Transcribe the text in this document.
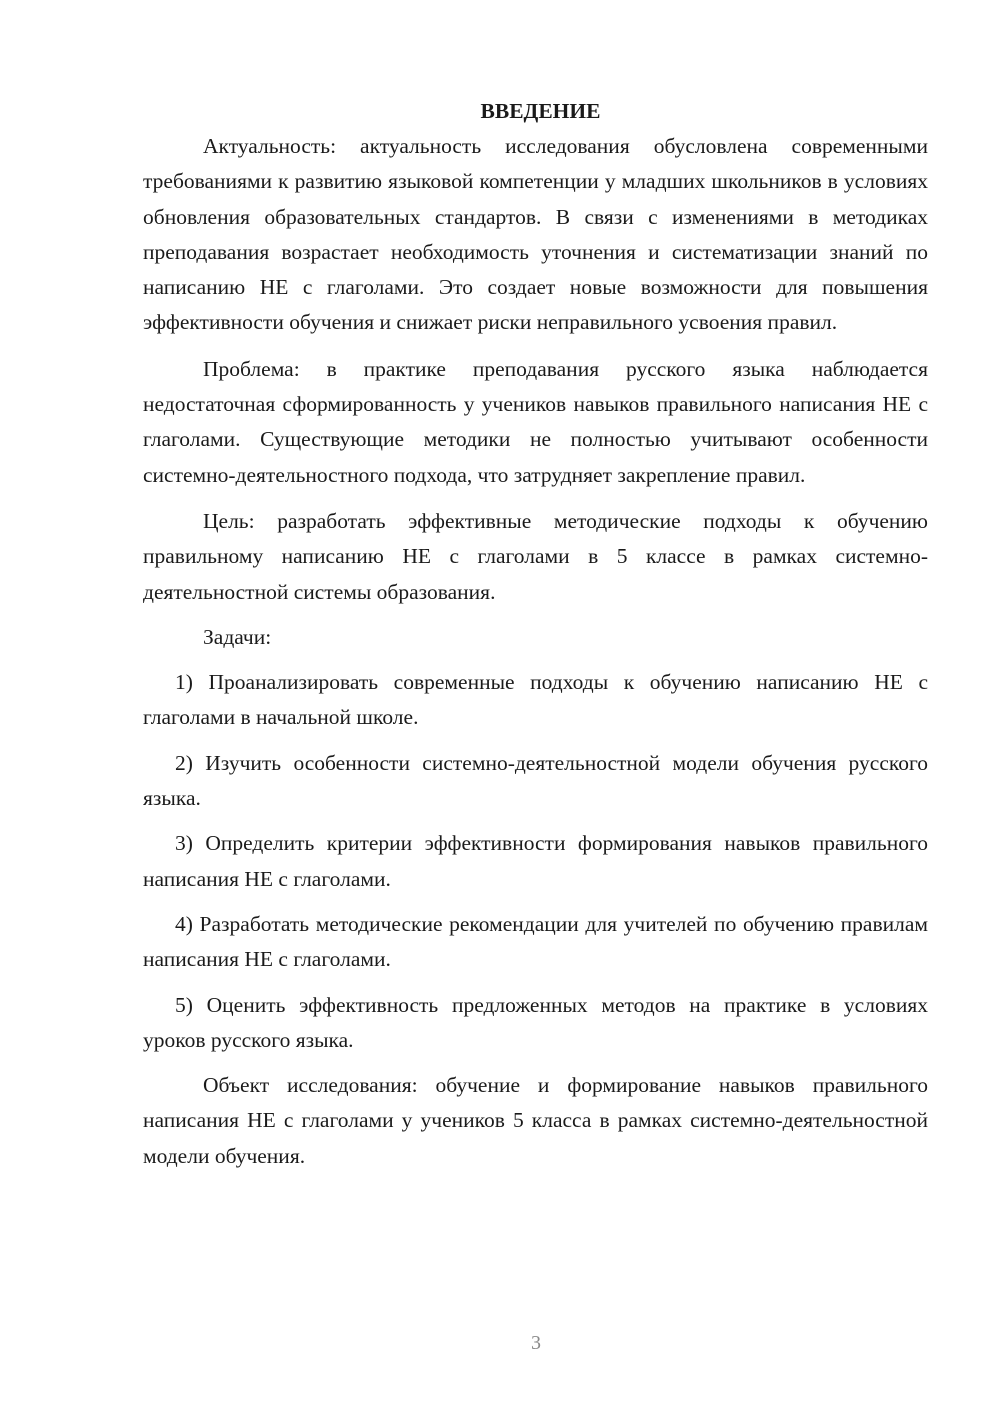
ВВЕДЕНИЕ

Актуальность: актуальность исследования обусловлена современными требованиями к развитию языковой компетенции у младших школьников в условиях обновления образовательных стандартов. В связи с изменениями в методиках преподавания возрастает необходимость уточнения и систематизации знаний по написанию НЕ с глаголами. Это создает новые возможности для повышения эффективности обучения и снижает риски неправильного усвоения правил.

Проблема: в практике преподавания русского языка наблюдается недостаточная сформированность у учеников навыков правильного написания НЕ с глаголами. Существующие методики не полностью учитывают особенности системно-деятельностного подхода, что затрудняет закрепление правил.

Цель: разработать эффективные методические подходы к обучению правильному написанию НЕ с глаголами в 5 классе в рамках системно-деятельностной системы образования.

Задачи:

1) Проанализировать современные подходы к обучению написанию НЕ с глаголами в начальной школе.

2) Изучить особенности системно-деятельностной модели обучения русского языка.

3) Определить критерии эффективности формирования навыков правильного написания НЕ с глаголами.

4) Разработать методические рекомендации для учителей по обучению правилам написания НЕ с глаголами.

5) Оценить эффективность предложенных методов на практике в условиях уроков русского языка.

Объект исследования: обучение и формирование навыков правильного написания НЕ с глаголами у учеников 5 класса в рамках системно-деятельностной модели обучения.

3
